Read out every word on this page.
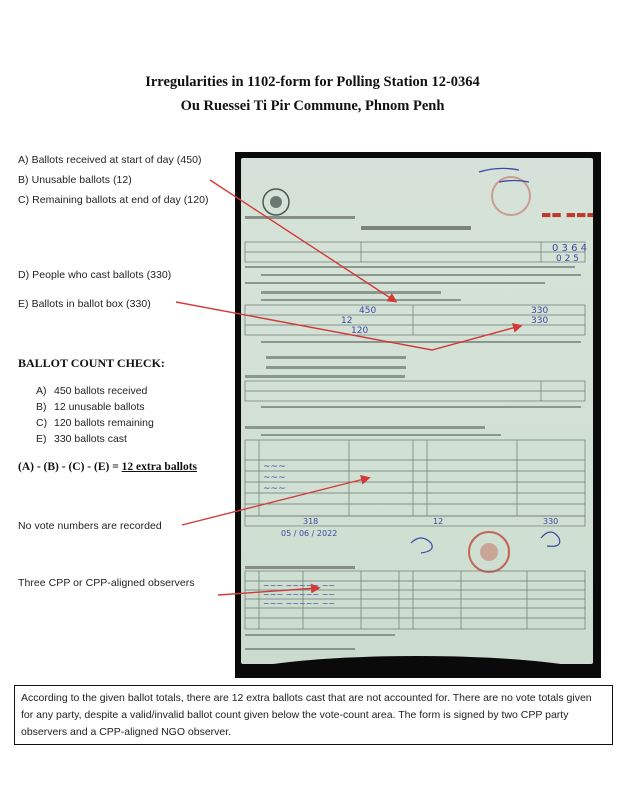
Irregularities in 1102-form for Polling Station 12-0364
Ou Ruessei Ti Pir Commune, Phnom Penh
A) Ballots received at start of day (450)
B) Unusable ballots (12)
C) Remaining ballots at end of day (120)
D) People who cast ballots (330)
E) Ballots in ballot box (330)
BALLOT COUNT CHECK:
A) 450 ballots received
B) 12 unusable ballots
C) 120 ballots remaining
E) 330 ballots cast
(A) - (B) - (C) - (E) = 12 extra ballots
No vote numbers are recorded
Three CPP or CPP-aligned observers
▬▬ ▬▬▬
0 3 6 4
0 2 5
450
12
120
330
330
~~~
~~~
~~~
318	12	330
05 / 06 / 2022
~~~ ~~~~~ ~~
~~~ ~~~~~ ~~
~~~ ~~~~~ ~~
According to the given ballot totals, there are 12 extra ballots cast that are not accounted for. There are no vote totals given for any party, despite a valid/invalid ballot count given below the vote-count area. The form is signed by two CPP party observers and a CPP-aligned NGO observer.
